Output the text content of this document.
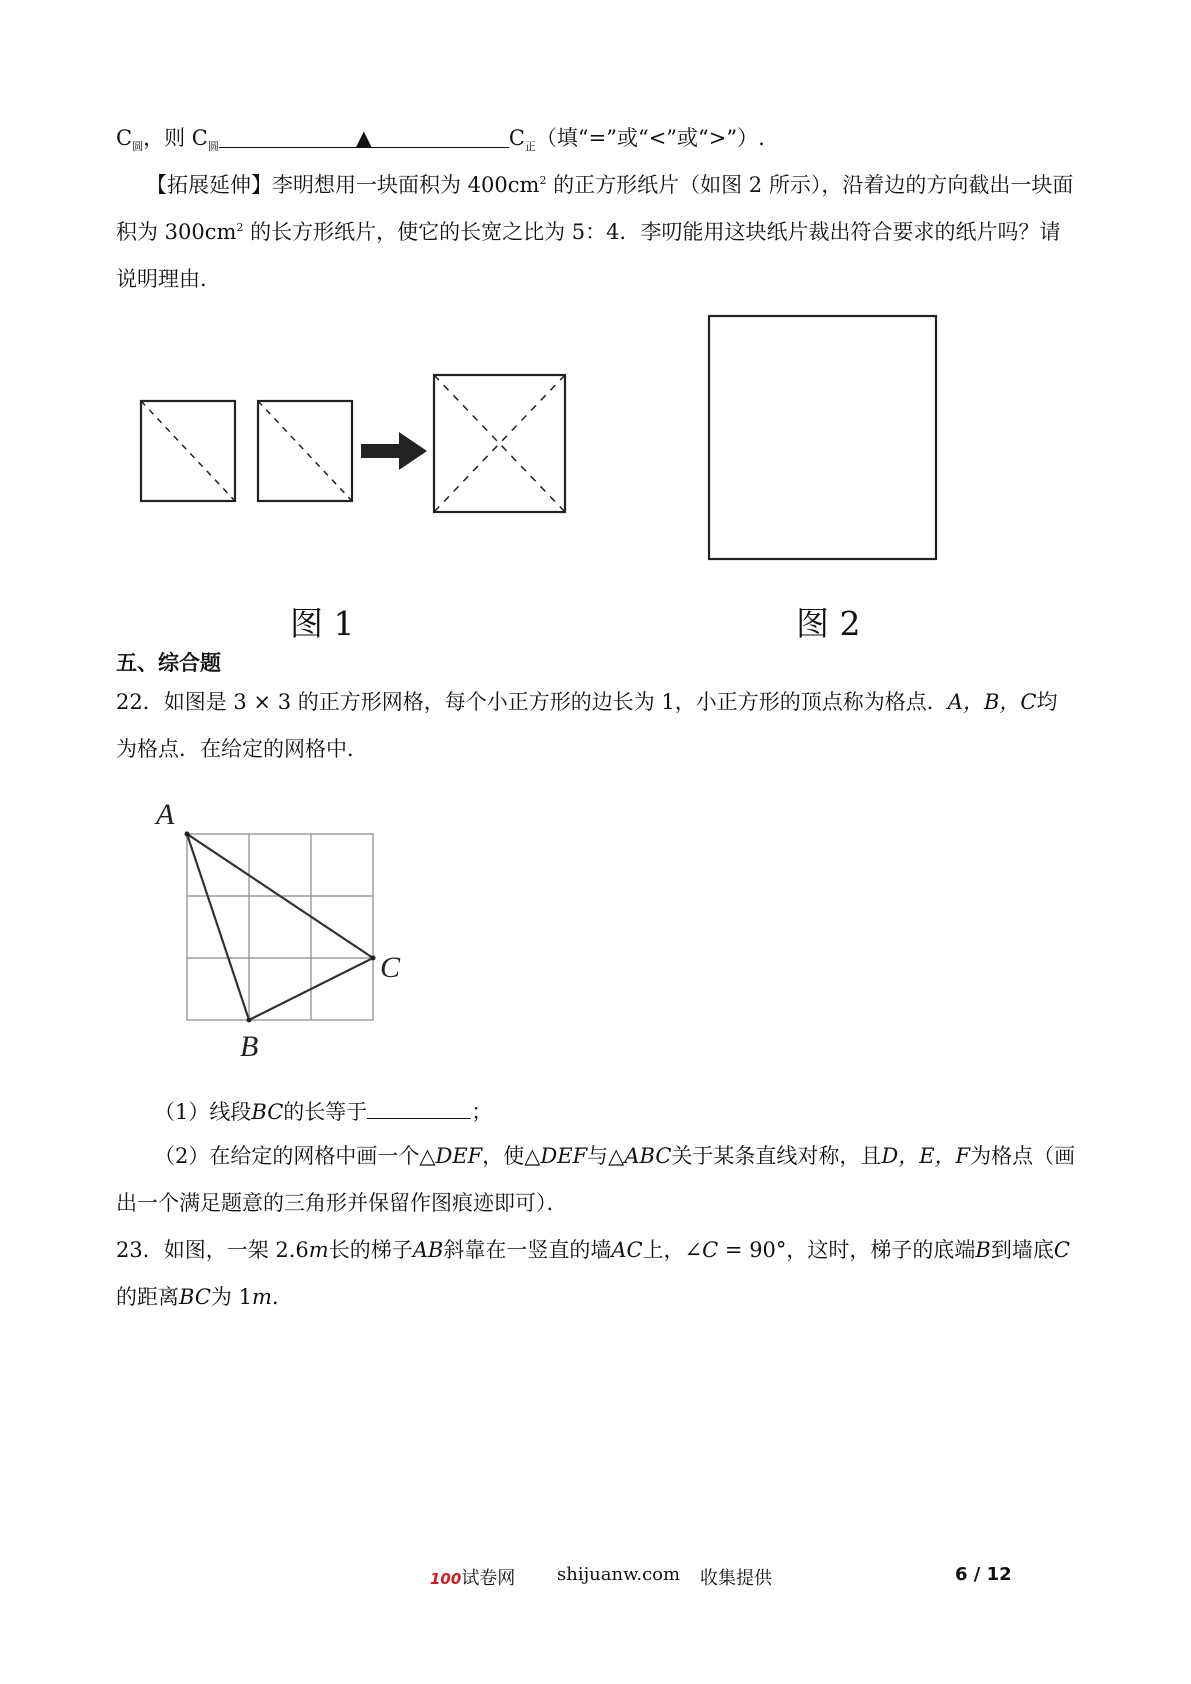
$C_圆$，则 $C_圆$	▲	$C_正$（填“=”或“<”或“>”）.
【拓展延伸】李明想用一块面积为 $400cm^2$ 的正方形纸片（如图 2 所示），沿着边的方向截出一块面
积为 $300cm^2$ 的长方形纸片，使它的长宽之比为 5：4．李叨能用这块纸片裁出符合要求的纸片吗？请
说明理由．
图 1	图 2
五、综合题
22．如图是 3 × 3 的正方形网格，每个小正方形的边长为 1，小正方形的顶点称为格点．A，B，C均
为格点．在给定的网格中．
A
B
C
（1）线段BC的长等于	；
（2）在给定的网格中画一个△DEF，使△DEF与△ABC关于某条直线对称，且D，E，F为格点（画
出一个满足题意的三角形并保留作图痕迹即可）．
23．如图，一架 2.6m长的梯子AB斜靠在一竖直的墙AC上，∠C = 90°，这时，梯子的底端B到墙底C
的距离BC为 1m.
100试卷网 shijuanw.com 收集提供	6 / 12
